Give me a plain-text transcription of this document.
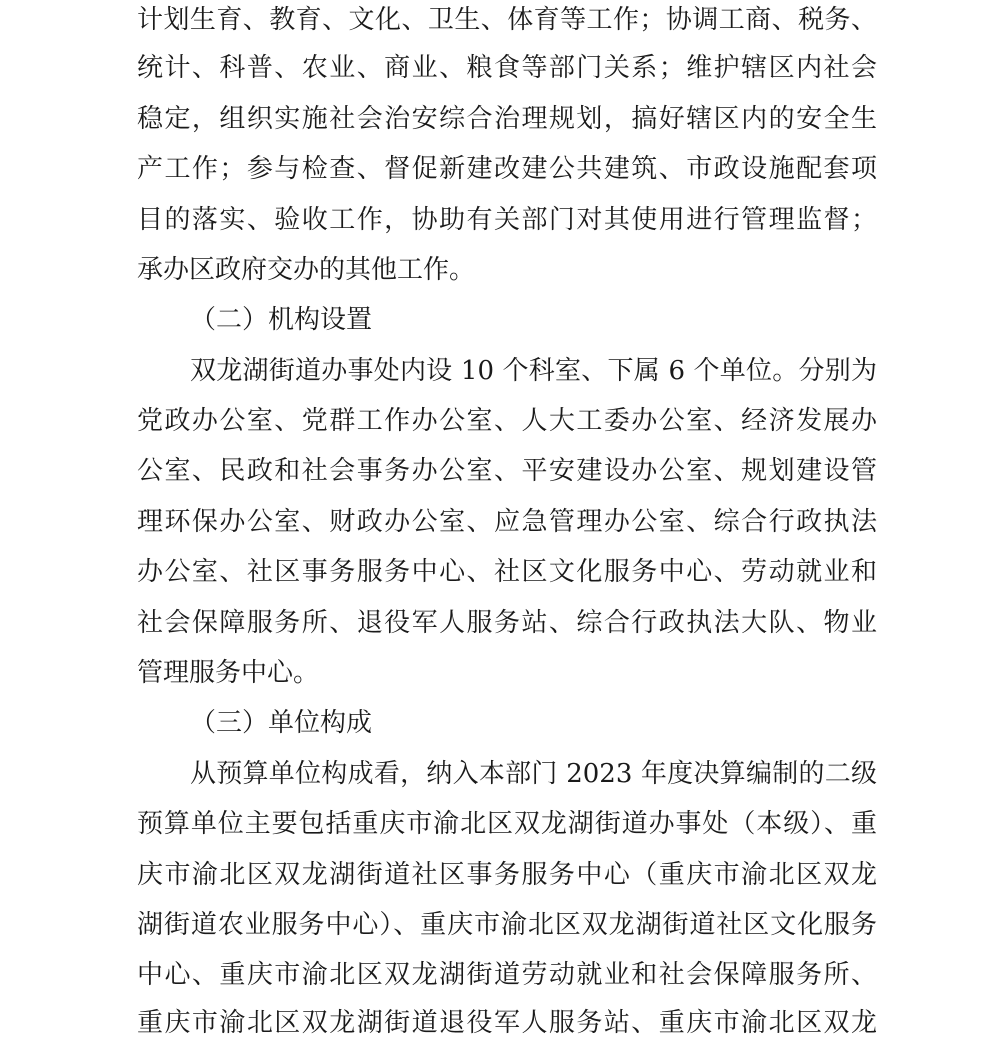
计划生育、教育、文化、卫生、体育等工作；协调工商、税务、
统计、科普、农业、商业、粮食等部门关系；维护辖区内社会
稳定，组织实施社会治安综合治理规划，搞好辖区内的安全生
产工作；参与检查、督促新建改建公共建筑、市政设施配套项
目的落实、验收工作，协助有关部门对其使用进行管理监督；
承办区政府交办的其他工作。
（二）机构设置
双龙湖街道办事处内设 10 个科室、下属 6 个单位。分别为
党政办公室、党群工作办公室、人大工委办公室、经济发展办
公室、民政和社会事务办公室、平安建设办公室、规划建设管
理环保办公室、财政办公室、应急管理办公室、综合行政执法
办公室、社区事务服务中心、社区文化服务中心、劳动就业和
社会保障服务所、退役军人服务站、综合行政执法大队、物业
管理服务中心。
（三）单位构成
从预算单位构成看，纳入本部门 2023 年度决算编制的二级
预算单位主要包括重庆市渝北区双龙湖街道办事处（本级）、重
庆市渝北区双龙湖街道社区事务服务中心（重庆市渝北区双龙
湖街道农业服务中心）、重庆市渝北区双龙湖街道社区文化服务
中心、重庆市渝北区双龙湖街道劳动就业和社会保障服务所、
重庆市渝北区双龙湖街道退役军人服务站、重庆市渝北区双龙
